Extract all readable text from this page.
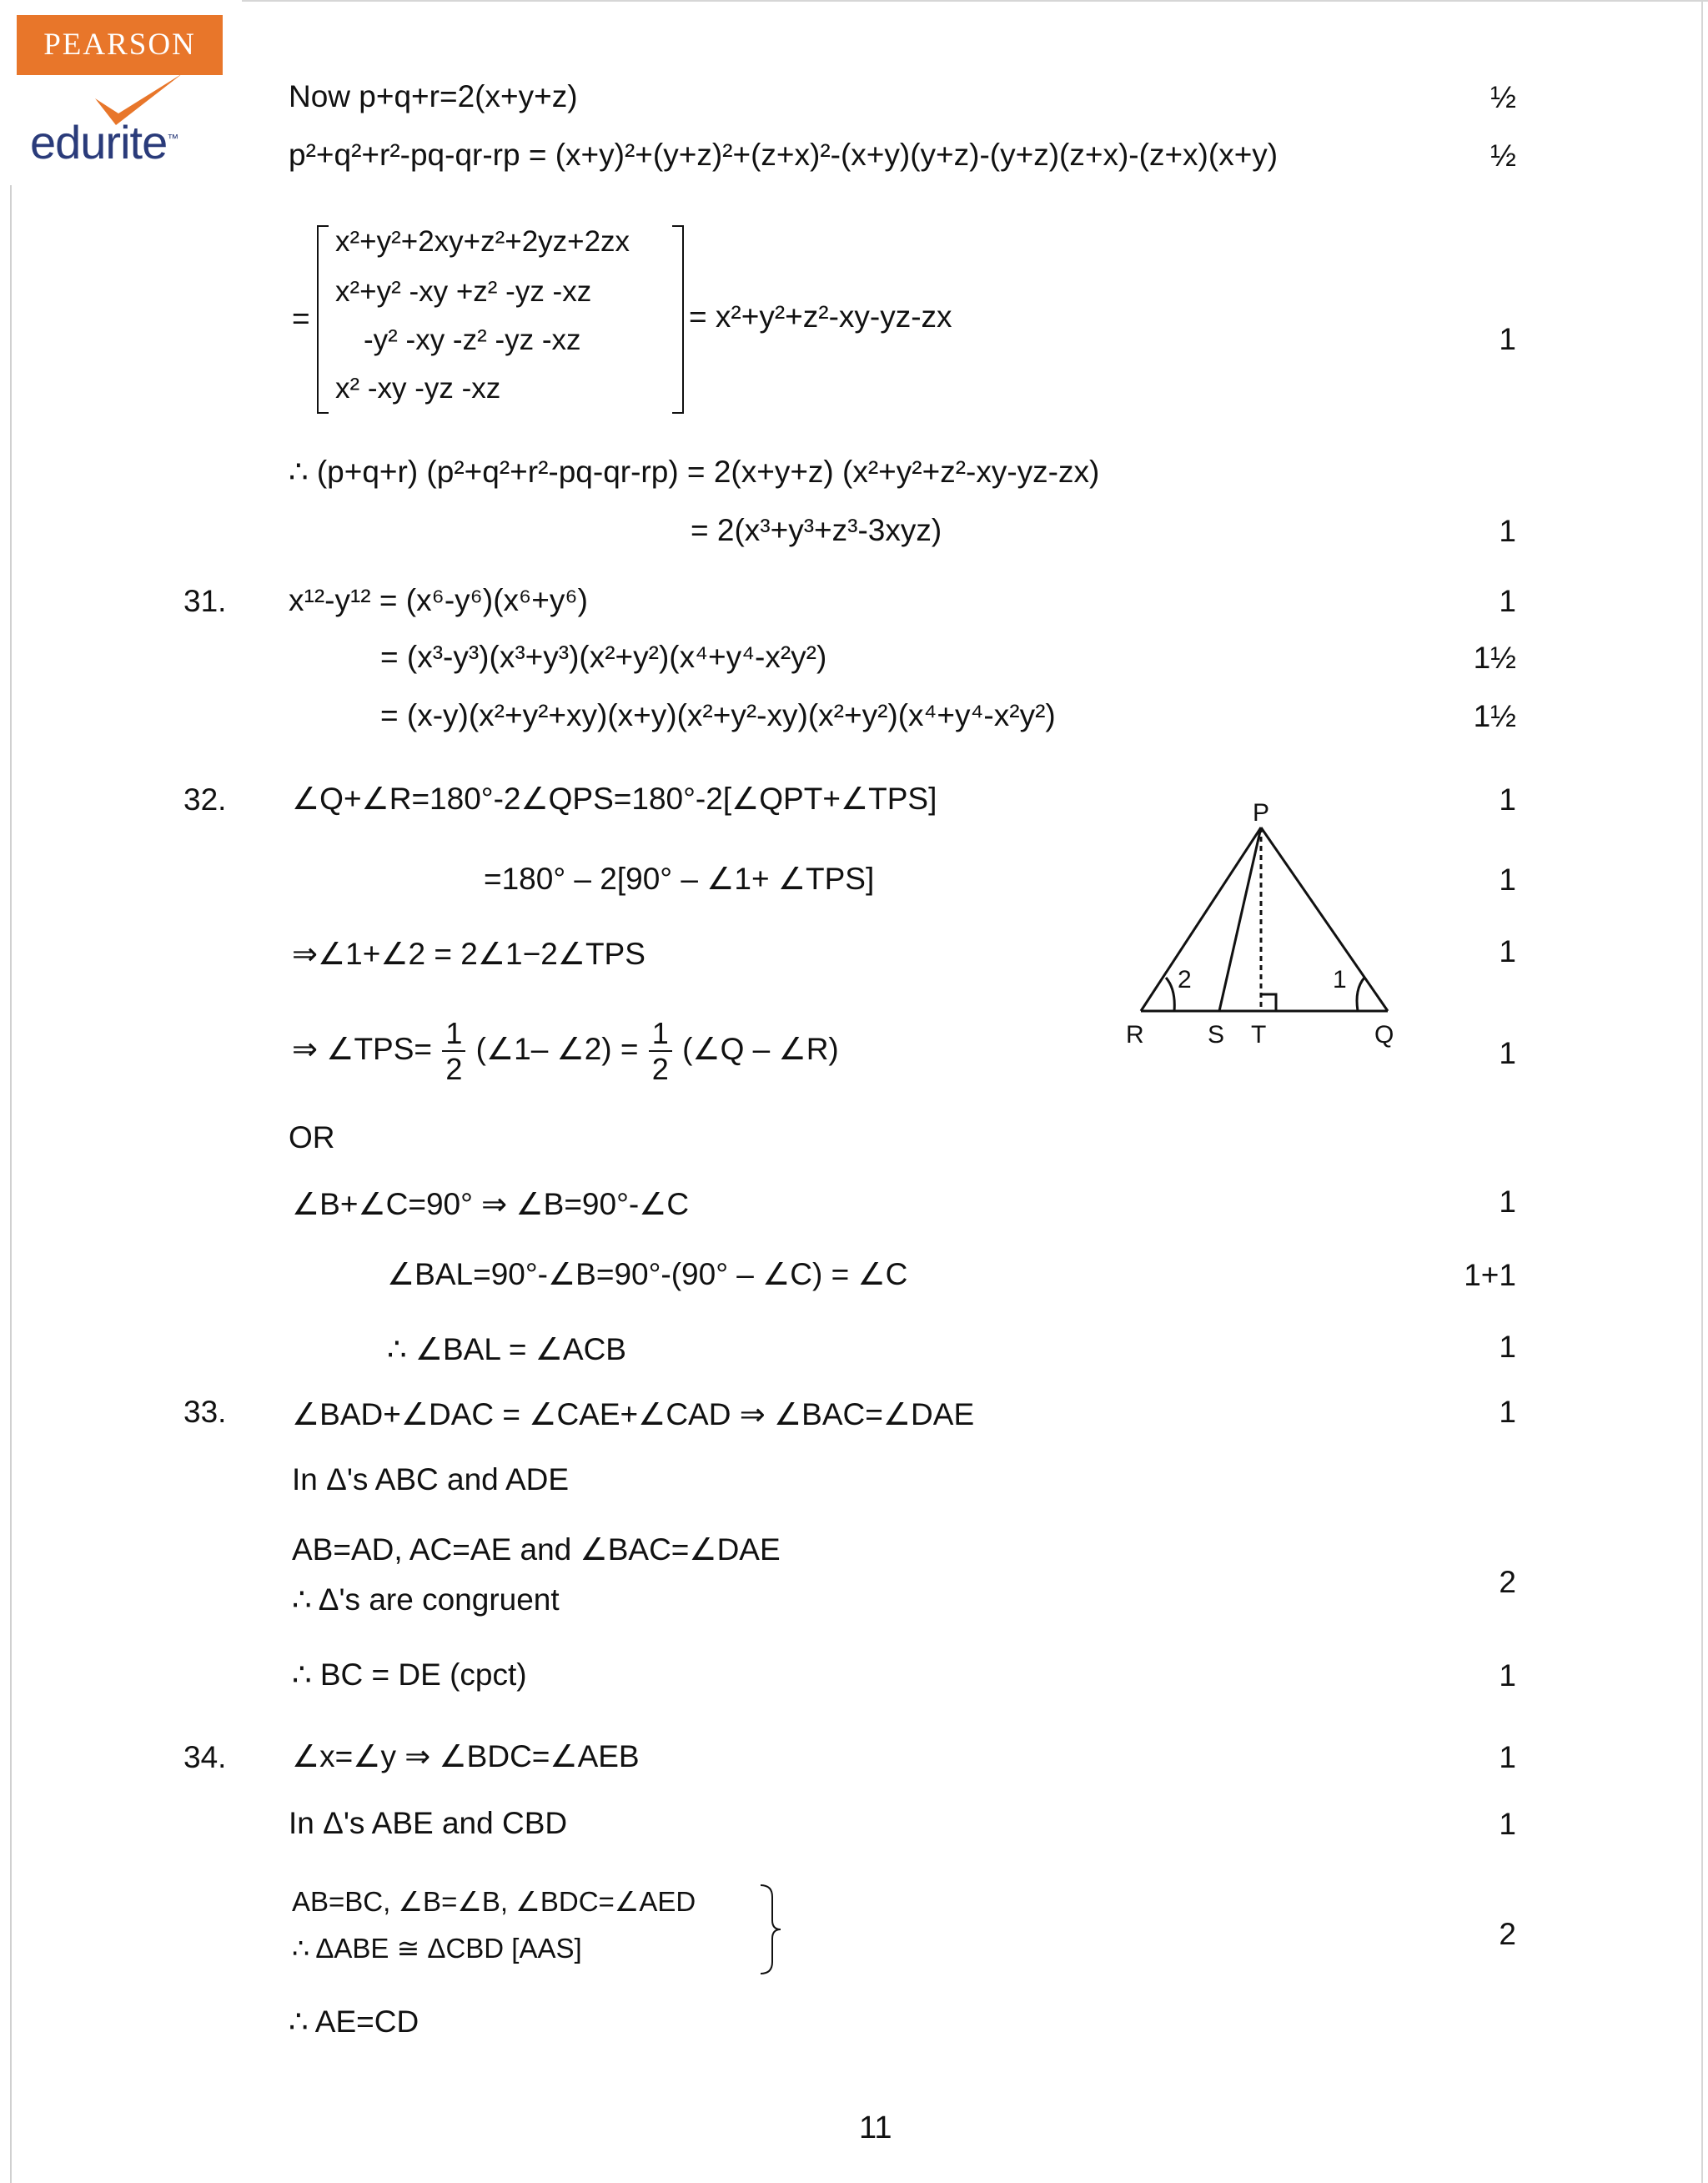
PEARSON
edurite™
Now p+q+r=2(x+y+z)	½
p²+q²+r²-pq-qr-rp = (x+y)²+(y+z)²+(z+x)²-(x+y)(y+z)-(y+z)(z+x)-(z+x)(x+y)	½
=
x²+y²+2xy+z²+2yz+2zx
x²+y² -xy +z² -yz -xz
-y² -xy -z² -yz -xz
x² -xy -yz -xz
= x²+y²+z²-xy-yz-zx
1
∴ (p+q+r) (p²+q²+r²-pq-qr-rp) = 2(x+y+z) (x²+y²+z²-xy-yz-zx)
= 2(x³+y³+z³-3xyz)	1
31. x¹²-y¹² = (x⁶-y⁶)(x⁶+y⁶)	1
= (x³-y³)(x³+y³)(x²+y²)(x⁴+y⁴-x²y²)	1½
= (x-y)(x²+y²+xy)(x+y)(x²+y²-xy)(x²+y²)(x⁴+y⁴-x²y²)	1½
32. ∠Q+∠R=180°-2∠QPS=180°-2[∠QPT+∠TPS]	1
=180° – 2[90° – ∠1+ ∠TPS]	1
⇒∠1+∠2 = 2∠1−2∠TPS	1
⇒ ∠TPS= $\frac{1}{2}$ (∠1– ∠2) = $\frac{1}{2}$ (∠Q – ∠R)	1
P
R	S T	Q
2	1
OR
∠B+∠C=90° ⇒ ∠B=90°-∠C	1
∠BAL=90°-∠B=90°-(90° – ∠C) = ∠C	1+1
∴ ∠BAL = ∠ACB	1
33. ∠BAD+∠DAC = ∠CAE+∠CAD ⇒ ∠BAC=∠DAE	1
In Δ's ABC and ADE
AB=AD, AC=AE and ∠BAC=∠DAE
∴ Δ's are congruent
2
∴ BC = DE (cpct)	1
34. ∠x=∠y ⇒ ∠BDC=∠AEB	1
In Δ's ABE and CBD	1
AB=BC, ∠B=∠B, ∠BDC=∠AED
∴ ΔABE ≅ ΔCBD [AAS]	2
∴ AE=CD
11
